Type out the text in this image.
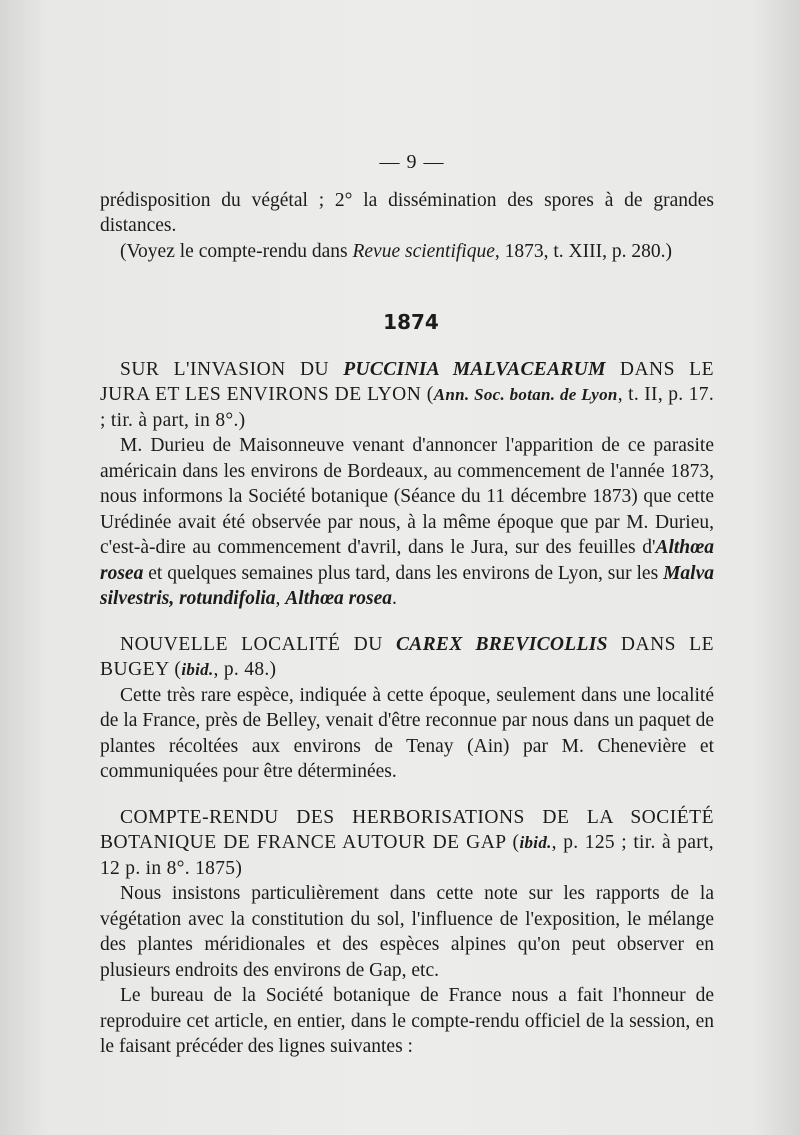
— 9 —

prédisposition du végétal ; 2° la dissémination des spores à de grandes distances.

(Voyez le compte-rendu dans Revue scientifique, 1873, t. XIII, p. 280.)

1874

SUR L'INVASION DU PUCCINIA MALVACEARUM DANS LE JURA ET LES ENVIRONS DE LYON (Ann. Soc. botan. de Lyon, t. II, p. 17. ; tir. à part, in 8°.)

M. Durieu de Maisonneuve venant d'annoncer l'apparition de ce parasite américain dans les environs de Bordeaux, au commencement de l'année 1873, nous informons la Société botanique (Séance du 11 décembre 1873) que cette Urédinée avait été observée par nous, à la même époque que par M. Durieu, c'est-à-dire au commencement d'avril, dans le Jura, sur des feuilles d'Althœa rosea et quelques semaines plus tard, dans les environs de Lyon, sur les Malva silvestris, rotundifolia, Althœa rosea.

NOUVELLE LOCALITÉ DU CAREX BREVICOLLIS DANS LE BUGEY (ibid., p. 48.)

Cette très rare espèce, indiquée à cette époque, seulement dans une localité de la France, près de Belley, venait d'être reconnue par nous dans un paquet de plantes récoltées aux environs de Tenay (Ain) par M. Chenevière et communiquées pour être déterminées.

COMPTE-RENDU DES HERBORISATIONS DE LA SOCIÉTÉ BOTANIQUE DE FRANCE AUTOUR DE GAP (ibid., p. 125 ; tir. à part, 12 p. in 8°. 1875)

Nous insistons particulièrement dans cette note sur les rapports de la végétation avec la constitution du sol, l'influence de l'exposition, le mélange des plantes méridionales et des espèces alpines qu'on peut observer en plusieurs endroits des environs de Gap, etc.

Le bureau de la Société botanique de France nous a fait l'honneur de reproduire cet article, en entier, dans le compte-rendu officiel de la session, en le faisant précéder des lignes suivantes :
